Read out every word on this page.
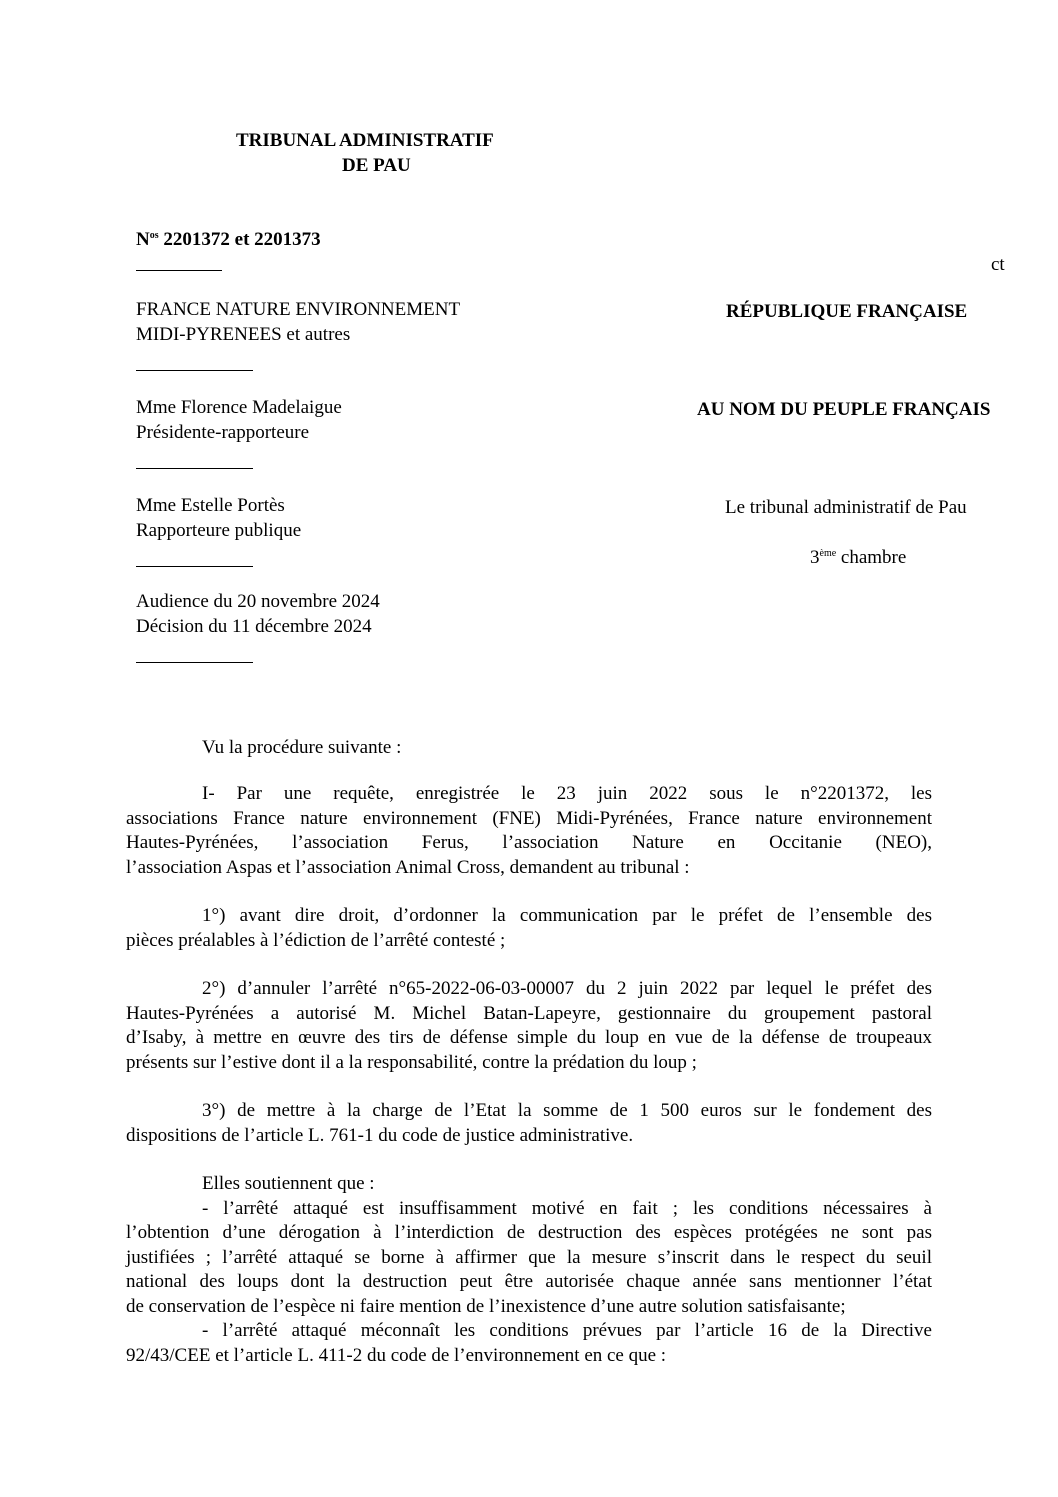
TRIBUNAL ADMINISTRATIF
DE PAU
$N^{os}$ 2201372 et 2201373
ct
FRANCE NATURE ENVIRONNEMENT
MIDI-PYRENEES et autres
Mme Florence Madelaigue
Présidente-rapporteure
Mme Estelle Portès
Rapporteure publique
Audience du 20 novembre 2024
Décision du 11 décembre 2024
RÉPUBLIQUE FRANÇAISE
AU NOM DU PEUPLE FRANÇAIS
Le tribunal administratif de Pau
3ème chambre
Vu la procédure suivante :
I- Par une requête, enregistrée le 23 juin 2022 sous le n°2201372, les
associations France nature environnement (FNE) Midi-Pyrénées, France nature environnement
Hautes-Pyrénées, l’association Ferus, l’association Nature en Occitanie (NEO),
l’association Aspas et l’association Animal Cross, demandent au tribunal :
1°) avant dire droit, d’ordonner la communication par le préfet de l’ensemble des
pièces préalables à l’édiction de l’arrêté contesté ;
2°) d’annuler l’arrêté n°65-2022-06-03-00007 du 2 juin 2022 par lequel le préfet des
Hautes-Pyrénées a autorisé M. Michel Batan-Lapeyre, gestionnaire du groupement pastoral
d’Isaby, à mettre en œuvre des tirs de défense simple du loup en vue de la défense de troupeaux
présents sur l’estive dont il a la responsabilité, contre la prédation du loup ;
3°) de mettre à la charge de l’Etat la somme de 1 500 euros sur le fondement des
dispositions de l’article L. 761-1 du code de justice administrative.
Elles soutiennent que :
- l’arrêté attaqué est insuffisamment motivé en fait ; les conditions nécessaires à
l’obtention d’une dérogation à l’interdiction de destruction des espèces protégées ne sont pas
justifiées ; l’arrêté attaqué se borne à affirmer que la mesure s’inscrit dans le respect du seuil
national des loups dont la destruction peut être autorisée chaque année sans mentionner l’état
de conservation de l’espèce ni faire mention de l’inexistence d’une autre solution satisfaisante;
- l’arrêté attaqué méconnaît les conditions prévues par l’article 16 de la Directive
92/43/CEE et l’article L. 411-2 du code de l’environnement en ce que :
